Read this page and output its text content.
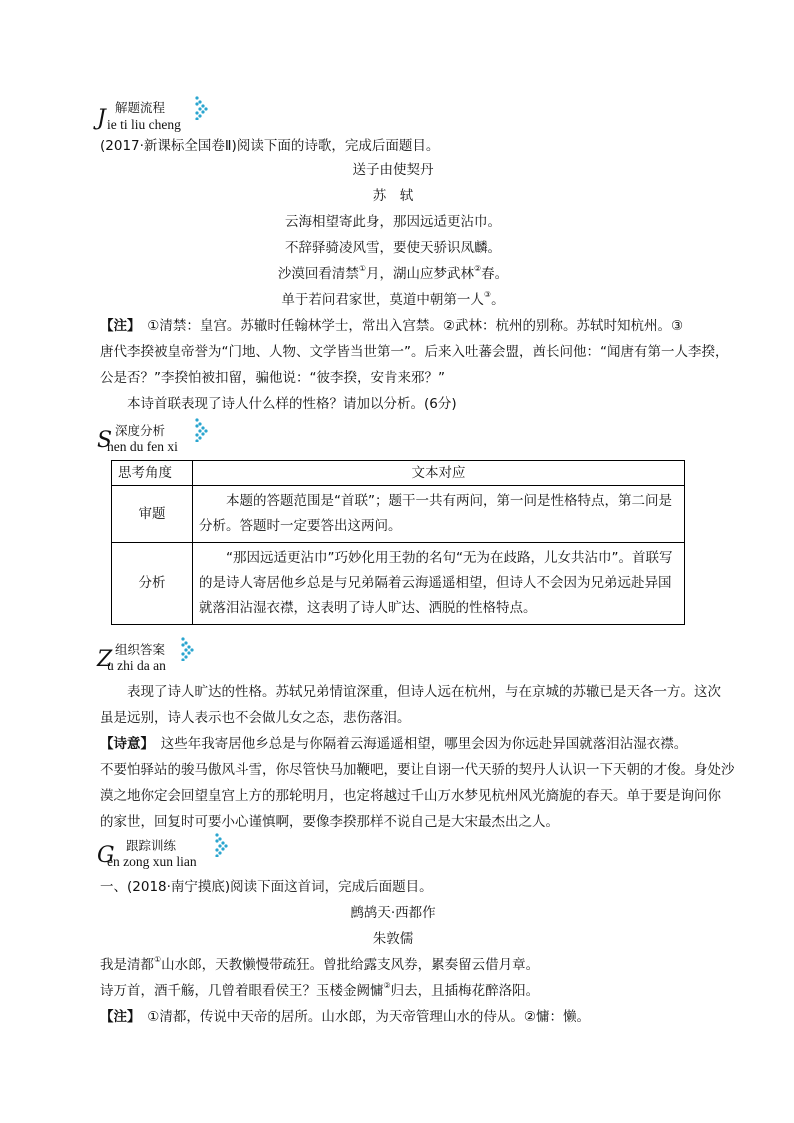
解题流程
J ie ti liu cheng
(2017·新课标全国卷Ⅱ)阅读下面的诗歌，完成后面题目。
送子由使契丹
苏　轼
云海相望寄此身，那因远适更沾巾。
不辞驿骑凌风雪，要使天骄识凤麟。
沙漠回看清禁①月，湖山应梦武林②春。
单于若问君家世，莫道中朝第一人③。
【注】　 ①清禁：皇宫。苏辙时任翰林学士，常出入宫禁。②武林：杭州的别称。苏轼时知杭州。③
唐代李揆被皇帝誉为“门地、人物、文学皆当世第一”。后来入吐蕃会盟，酋长问他：“闻唐有第一人李揆，
公是否？”李揆怕被扣留，骗他说：“彼李揆，安肯来邪？”
本诗首联表现了诗人什么样的性格？请加以分析。(6分)
深度分析
S
hen du fen xi
思考角度	文本对应
审题	本题的答题范围是“首联”；题干一共有两问，第一问是性格特点，第二问是分析。答题时一定要答出这两问。
分析	“那因远适更沾巾”巧妙化用王勃的名句“无为在歧路，儿女共沾巾”。首联写的是诗人寄居他乡总是与兄弟隔着云海遥遥相望，但诗人不会因为兄弟远赴异国就落泪沾湿衣襟，这表明了诗人旷达、洒脱的性格特点。
组织答案
Z
u zhi da an
表现了诗人旷达的性格。苏轼兄弟情谊深重，但诗人远在杭州，与在京城的苏辙已是天各一方。这次
虽是远别，诗人表示也不会做儿女之态，悲伤落泪。
【诗意】　 这些年我寄居他乡总是与你隔着云海遥遥相望，哪里会因为你远赴异国就落泪沾湿衣襟。
不要怕驿站的骏马傲风斗雪，你尽管快马加鞭吧，要让自诩一代天骄的契丹人认识一下天朝的才俊。身处沙
漠之地你定会回望皇宫上方的那轮明月，也定将越过千山万水梦见杭州风光旖旎的春天。单于要是询问你
的家世，回复时可要小心谨慎啊，要像李揆那样不说自己是大宋最杰出之人。
跟踪训练
G
en zong xun lian
一、(2018·南宁摸底)阅读下面这首词，完成后面题目。
鹧鸪天·西都作
朱敦儒
我是清都①山水郎，天教懒慢带疏狂。曾批给露支风券，累奏留云借月章。
诗万首，酒千觞，几曾着眼看侯王？玉楼金阙慵②归去，且插梅花醉洛阳。
【注】　 ①清都，传说中天帝的居所。山水郎，为天帝管理山水的侍从。②慵：懒。
